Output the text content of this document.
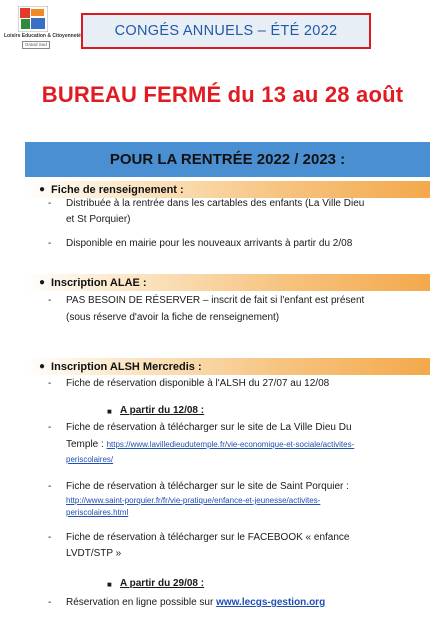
Loisirs Education & Citoyenneté
Grand Sud
CONGÉS ANNUELS – ÉTÉ 2022
BUREAU FERMÉ du 13 au 28 août
POUR LA RENTRÉE 2022 / 2023 :
● Fiche de renseignement :
- Distribuée à la rentrée dans les cartables des enfants (La Ville Dieu
et St Porquier)
- Disponible en mairie pour les nouveaux arrivants à partir du 2/08
● Inscription ALAE :
- PAS BESOIN DE RÉSERVER – inscrit de fait si l'enfant est présent
(sous réserve d'avoir la fiche de renseignement)
● Inscription ALSH Mercredis :
- Fiche de réservation disponible à l'ALSH du 27/07 au 12/08
■ A partir du 12/08 :
- Fiche de réservation à télécharger sur le site de La Ville Dieu Du
Temple : https://www.lavilledieudutemple.fr/vie-economique-et-sociale/activites-
periscolaires/
- Fiche de réservation à télécharger sur le site de Saint Porquier :
http://www.saint-porquier.fr/fr/vie-pratique/enfance-et-jeunesse/activites-
periscolaires.html
- Fiche de réservation à télécharger sur le FACEBOOK « enfance
LVDT/STP »
■ A partir du 29/08 :
- Réservation en ligne possible sur www.lecgs-gestion.org
